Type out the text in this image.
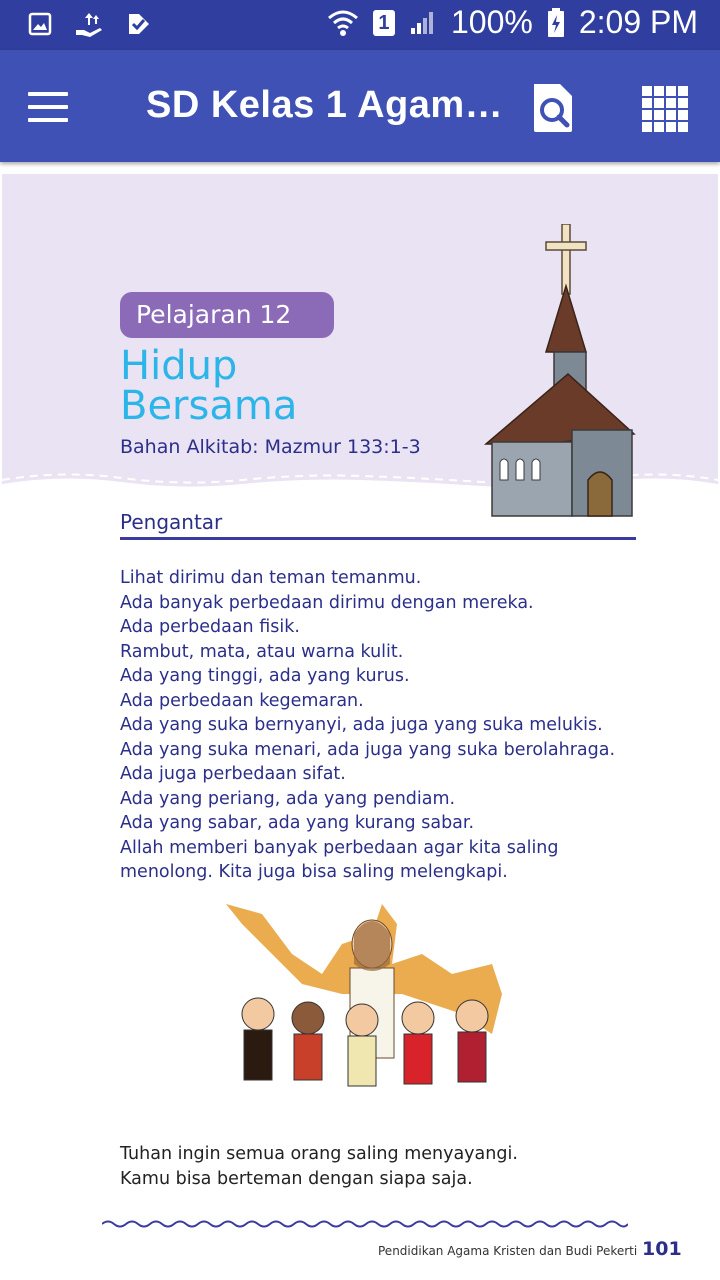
1 100% 2:09 PM
SD Kelas 1 Agam…
Pelajaran 12
Hidup
Bersama
Bahan Alkitab: Mazmur 133:1-3
Pengantar
Lihat dirimu dan teman temanmu.
Ada banyak perbedaan dirimu dengan mereka.
Ada perbedaan fisik.
Rambut, mata, atau warna kulit.
Ada yang tinggi, ada yang kurus.
Ada perbedaan kegemaran.
Ada yang suka bernyanyi, ada juga yang suka melukis.
Ada yang suka menari, ada juga yang suka berolahraga.
Ada juga perbedaan sifat.
Ada yang periang, ada yang pendiam.
Ada yang sabar, ada yang kurang sabar.
Allah memberi banyak perbedaan agar kita saling
menolong. Kita juga bisa saling melengkapi.
Tuhan ingin semua orang saling menyayangi.
Kamu bisa berteman dengan siapa saja.
Pendidikan Agama Kristen dan Budi Pekerti 101
